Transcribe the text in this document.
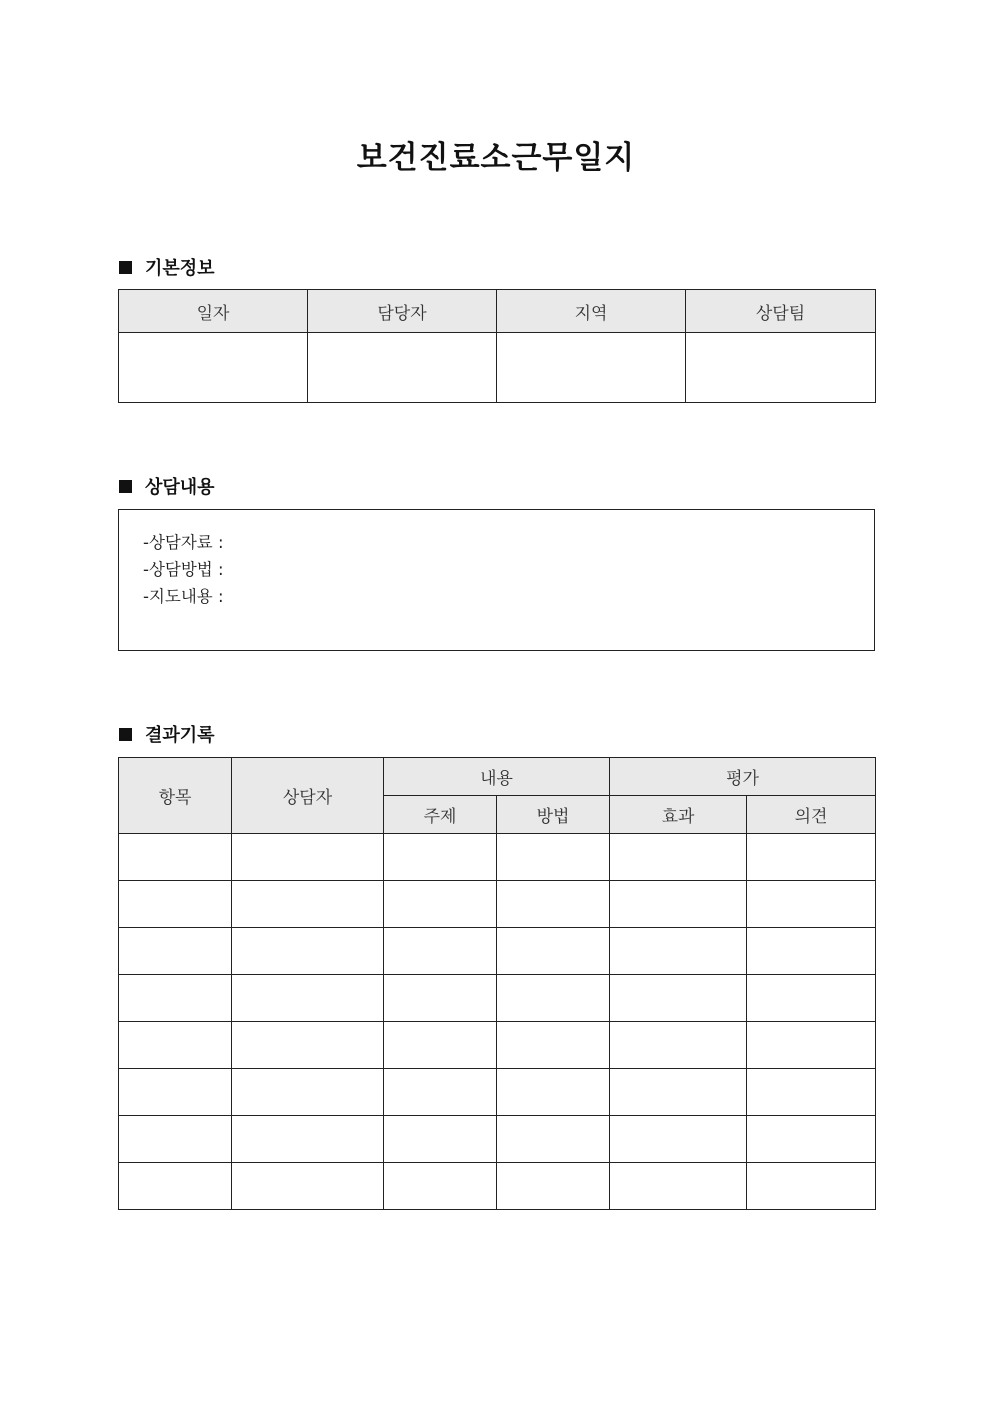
보건진료소근무일지
기본정보
일자	담당자	지역	상담팀

상담내용
-상담자료 :
-상담방법 :
-지도내용 :
결과기록
항목	상담자	내용		평가	
		주제	방법	효과	의견
